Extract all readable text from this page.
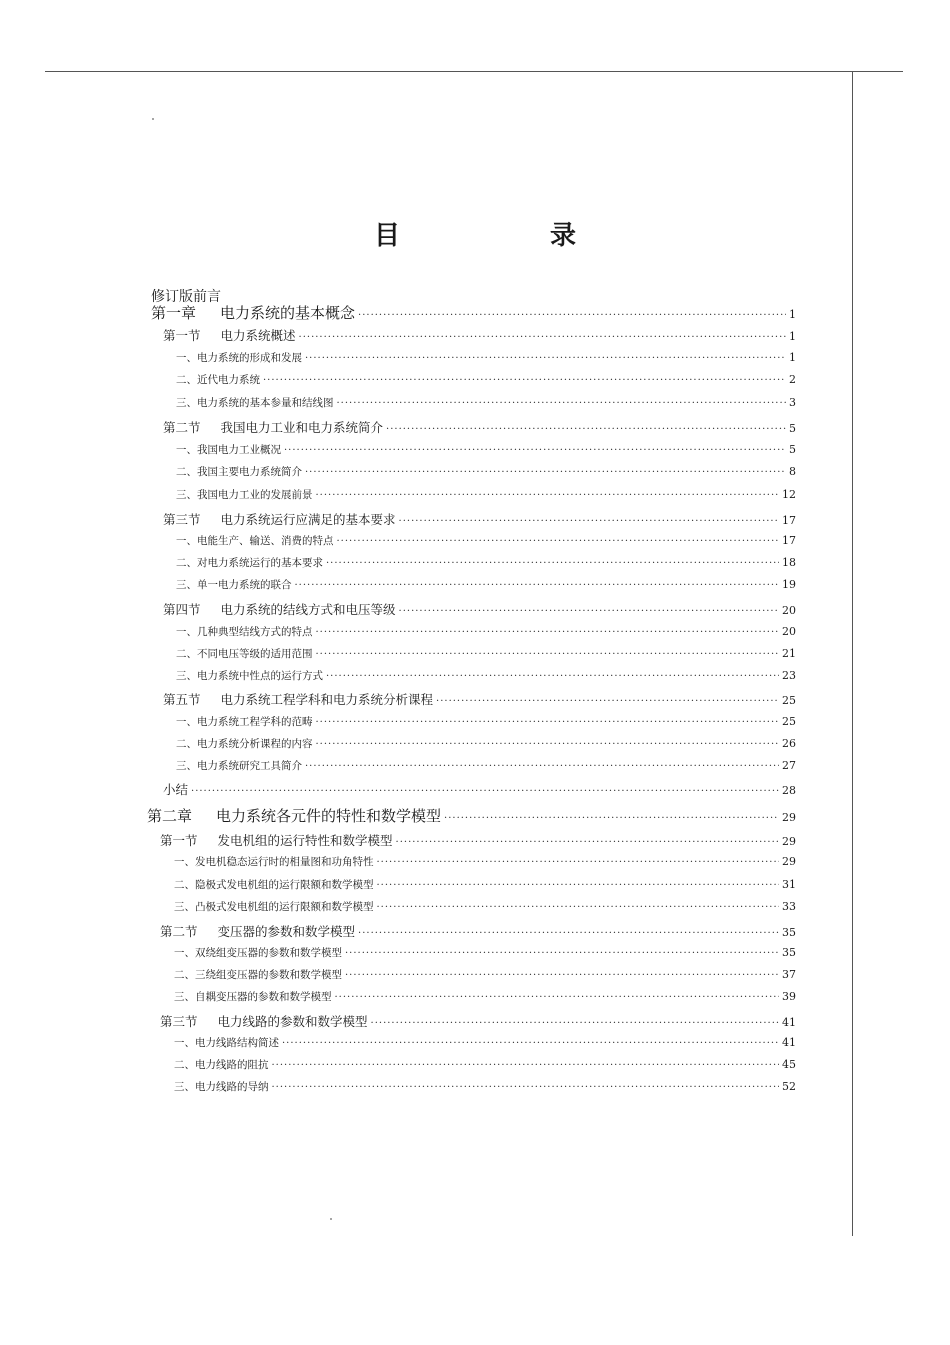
目　录
修订版前言
第一章 电力系统的基本概念 ·····	1
第一节 电力系统概述 ·····	1
一、电力系统的形成和发展 ·····	1
二、近代电力系统 ·····	2
三、电力系统的基本参量和结线图 ·····	3
第二节 我国电力工业和电力系统简介 ·····	5
一、我国电力工业概况 ·····	5
二、我国主要电力系统简介 ·····	8
三、我国电力工业的发展前景 ·····	12
第三节 电力系统运行应满足的基本要求 ·····	17
一、电能生产、输送、消费的特点 ·····	17
二、对电力系统运行的基本要求 ·····	18
三、单一电力系统的联合 ·····	19
第四节 电力系统的结线方式和电压等级 ·····	20
一、几种典型结线方式的特点 ·····	20
二、不同电压等级的适用范围 ·····	21
三、电力系统中性点的运行方式 ·····	23
第五节 电力系统工程学科和电力系统分析课程 ·····	25
一、电力系统工程学科的范畴 ·····	25
二、电力系统分析课程的内容 ·····	26
三、电力系统研究工具简介 ·····	27
小结 ·····	28
第二章 电力系统各元件的特性和数学模型 ·····	29
第一节 发电机组的运行特性和数学模型 ·····	29
一、发电机稳态运行时的相量图和功角特性 ·····	29
二、隐极式发电机组的运行限额和数学模型 ·····	31
三、凸极式发电机组的运行限额和数学模型 ·····	33
第二节 变压器的参数和数学模型 ·····	35
一、双绕组变压器的参数和数学模型 ·····	35
二、三绕组变压器的参数和数学模型 ·····	37
三、自耦变压器的参数和数学模型 ·····	39
第三节 电力线路的参数和数学模型 ·····	41
一、电力线路结构简述 ·····	41
二、电力线路的阻抗 ·····	45
三、电力线路的导纳 ·····	52
